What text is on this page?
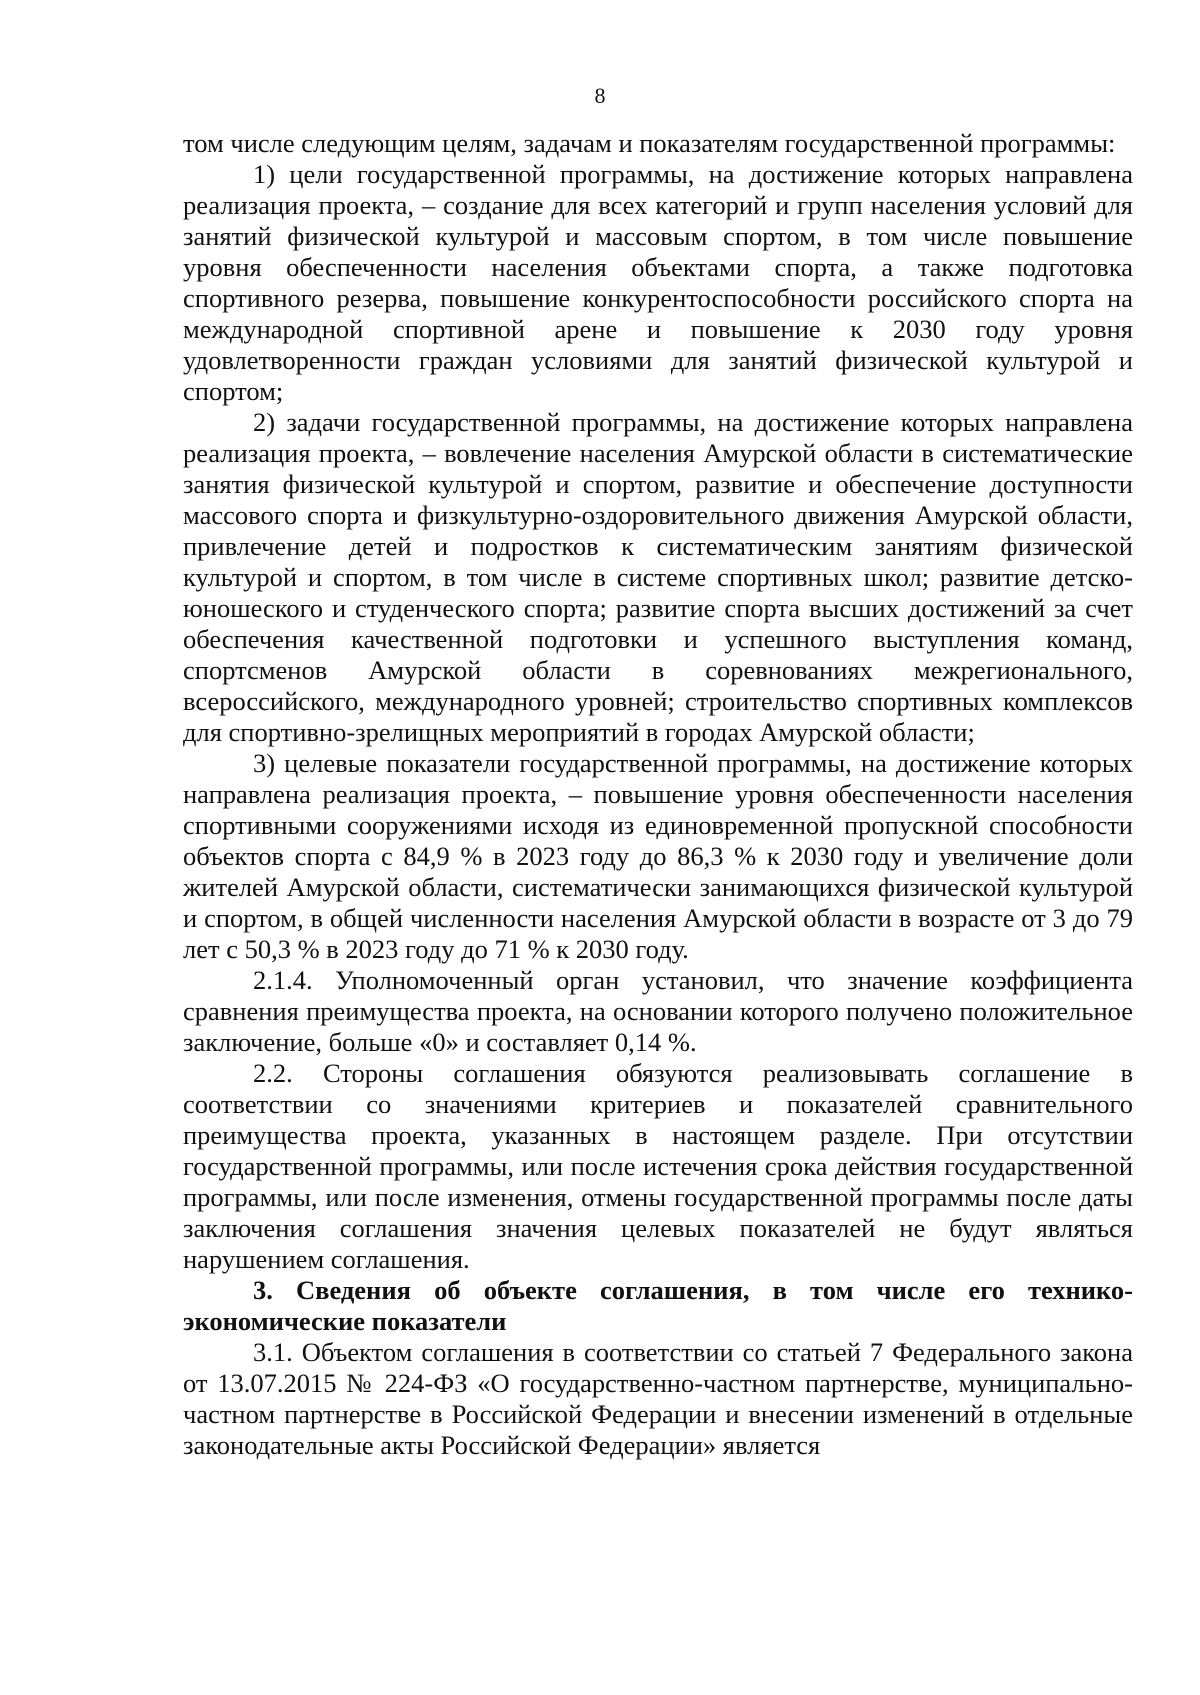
8

том числе следующим целям, задачам и показателям государственной программы:

1) цели государственной программы, на достижение которых направлена реализация проекта, – создание для всех категорий и групп населения условий для занятий физической культурой и массовым спортом, в том числе повышение уровня обеспеченности населения объектами спорта, а также подготовка спортивного резерва, повышение конкурентоспособности российского спорта на международной спортивной арене и повышение к 2030 году уровня удовлетворенности граждан условиями для занятий физической культурой и спортом;

2) задачи государственной программы, на достижение которых направлена реализация проекта, – вовлечение населения Амурской области в систематические занятия физической культурой и спортом, развитие и обеспечение доступности массового спорта и физкультурно-оздоровительного движения Амурской области, привлечение детей и подростков к систематическим занятиям физической культурой и спортом, в том числе в системе спортивных школ; развитие детско-юношеского и студенческого спорта; развитие спорта высших достижений за счет обеспечения качественной подготовки и успешного выступления команд, спортсменов Амурской области в соревнованиях межрегионального, всероссийского, международного уровней; строительство спортивных комплексов для спортивно-зрелищных мероприятий в городах Амурской области;

3) целевые показатели государственной программы, на достижение которых направлена реализация проекта, – повышение уровня обеспеченности населения спортивными сооружениями исходя из единовременной пропускной способности объектов спорта с 84,9 % в 2023 году до 86,3 % к 2030 году и увеличение доли жителей Амурской области, систематически занимающихся физической культурой и спортом, в общей численности населения Амурской области в возрасте от 3 до 79 лет с 50,3 % в 2023 году до 71 % к 2030 году.

2.1.4. Уполномоченный орган установил, что значение коэффициента сравнения преимущества проекта, на основании которого получено положительное заключение, больше «0» и составляет 0,14 %.

2.2. Стороны соглашения обязуются реализовывать соглашение в соответствии со значениями критериев и показателей сравнительного преимущества проекта, указанных в настоящем разделе. При отсутствии государственной программы, или после истечения срока действия государственной программы, или после изменения, отмены государственной программы после даты заключения соглашения значения целевых показателей не будут являться нарушением соглашения.

3. Сведения об объекте соглашения, в том числе его технико-экономические показатели

3.1. Объектом соглашения в соответствии со статьей 7 Федерального закона от 13.07.2015 № 224-ФЗ «О государственно-частном партнерстве, муниципально-частном партнерстве в Российской Федерации и внесении изменений в отдельные законодательные акты Российской Федерации» является
